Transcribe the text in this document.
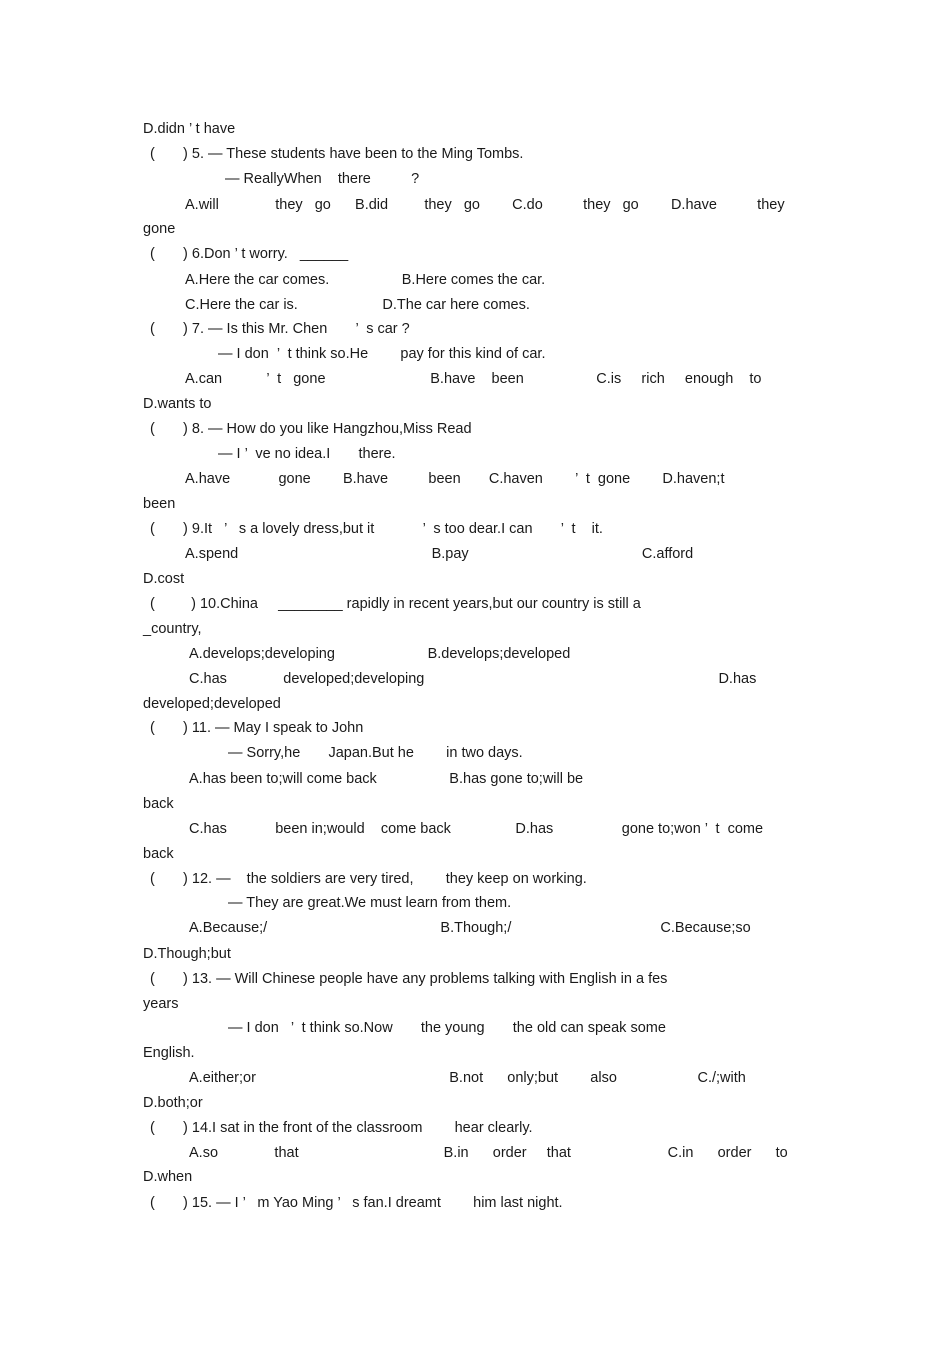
D.didn ’ t have
(       ) 5. — These students have been to the Ming Tombs.
— ReallyWhen    there          ?
A.will              they   go      B.did         they   go        C.do          they   go        D.have          they
gone
(       ) 6.Don ’ t worry.   ______
A.Here the car comes.                  B.Here comes the car.
C.Here the car is.                     D.The car here comes.
(       ) 7. — Is this Mr. Chen       ’  s car ?
— I don  ’  t think so.He        pay for this kind of car.
A.can           ’  t   gone                          B.have    been                  C.is     rich     enough    to
D.wants to
(       ) 8. — How do you like Hangzhou,Miss Read
— I ’  ve no idea.I       there.
A.have            gone        B.have          been       C.haven        ’  t  gone        D.haven;t
been
(       ) 9.It   ’   s a lovely dress,but it            ’  s too dear.I can       ’  t    it.
A.spend                                                B.pay                                           C.afford
D.cost
(         ) 10.China     ________ rapidly in recent years,but our country is still a
_country,
A.develops;developing                       B.develops;developed
C.has              developed;developing                                                                         D.has
developed;developed
(       ) 11. — May I speak to John
— Sorry,he       Japan.But he        in two days.
A.has been to;will come back                  B.has gone to;will be
back
C.has            been in;would    come back                D.has                 gone to;won ’  t  come
back
(       ) 12. —    the soldiers are very tired,        they keep on working.
— They are great.We must learn from them.
A.Because;/                                           B.Though;/                                     C.Because;so
D.Though;but
(       ) 13. — Will Chinese people have any problems talking with English in a fes
years
— I don   ’  t think so.Now       the young       the old can speak some
English.
A.either;or                                                B.not      only;but        also                    C./;with
D.both;or
(       ) 14.I sat in the front of the classroom        hear clearly.
A.so              that                                    B.in      order     that                        C.in      order      to
D.when
(       ) 15. — I ’   m Yao Ming ’   s fan.I dreamt        him last night.
